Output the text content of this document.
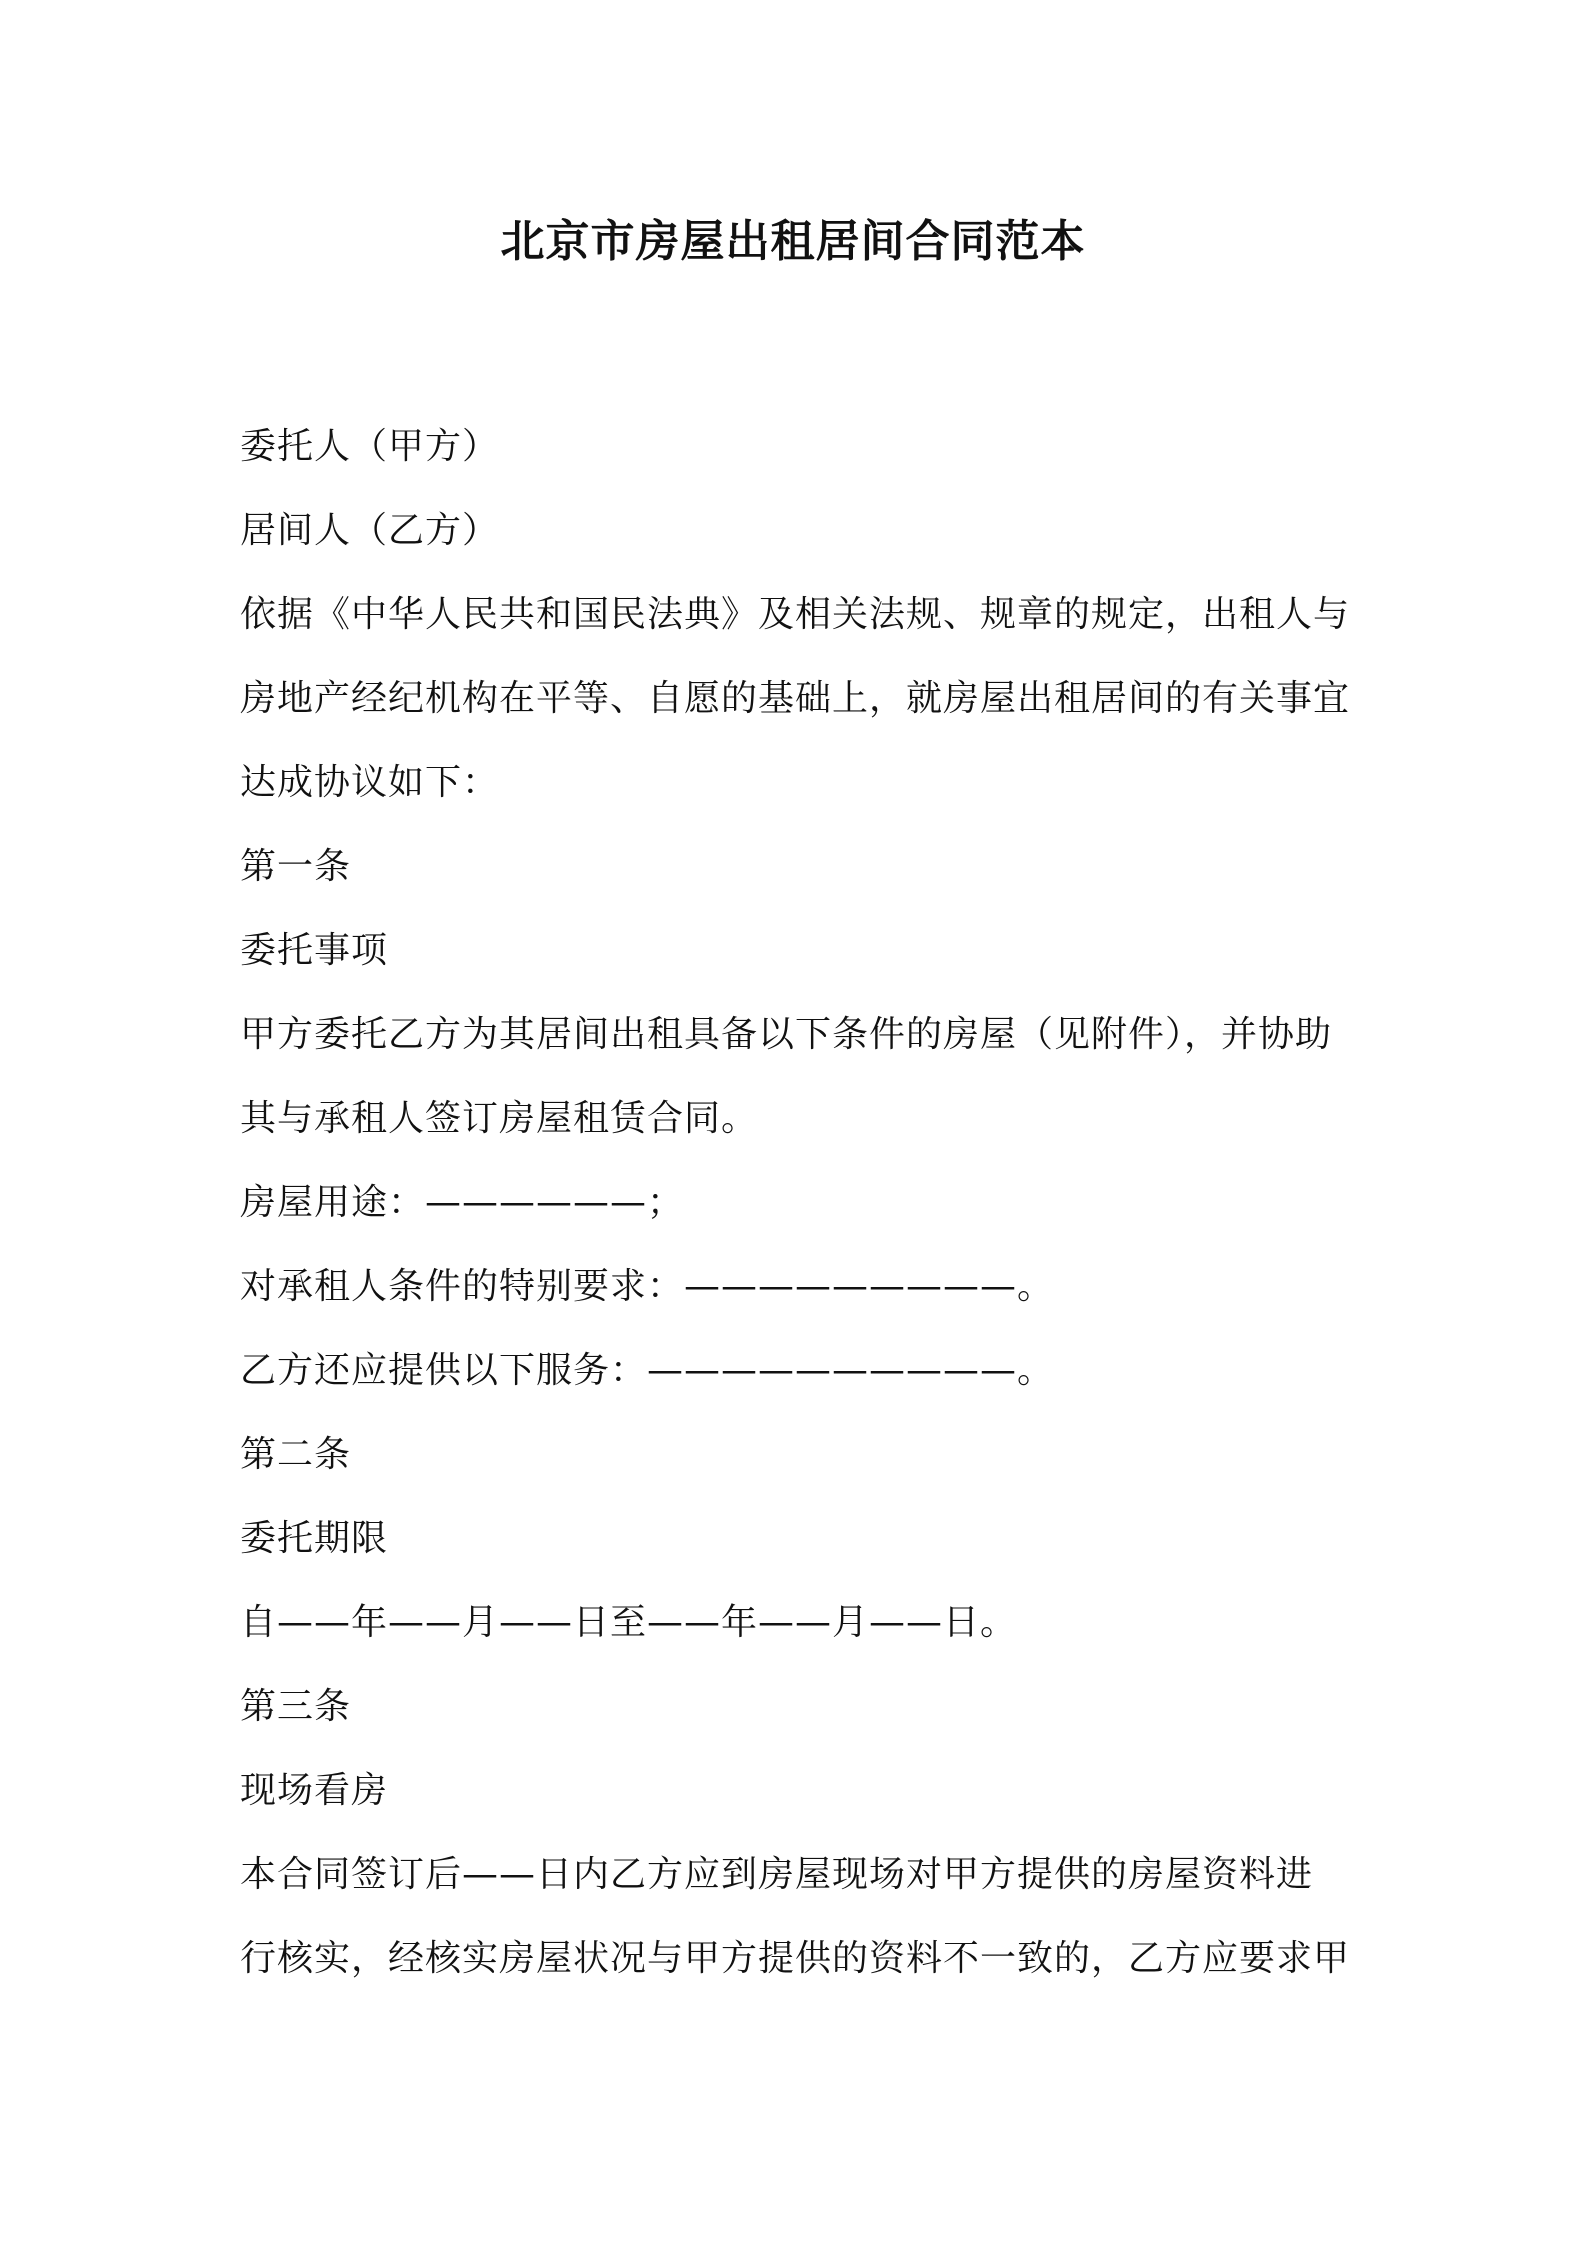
北京市房屋出租居间合同范本
委托人（甲方）
居间人（乙方）
依据《中华人民共和国民法典》及相关法规、规章的规定，出租人与
房地产经纪机构在平等、自愿的基础上，就房屋出租居间的有关事宜
达成协议如下：
第一条
委托事项
甲方委托乙方为其居间出租具备以下条件的房屋（见附件），并协助
其与承租人签订房屋租赁合同。
房屋用途：——————；
对承租人条件的特别要求：—————————。
乙方还应提供以下服务：——————————。
第二条
委托期限
自——年——月——日至——年——月——日。
第三条
现场看房
本合同签订后——日内乙方应到房屋现场对甲方提供的房屋资料进
行核实，经核实房屋状况与甲方提供的资料不一致的，乙方应要求甲
